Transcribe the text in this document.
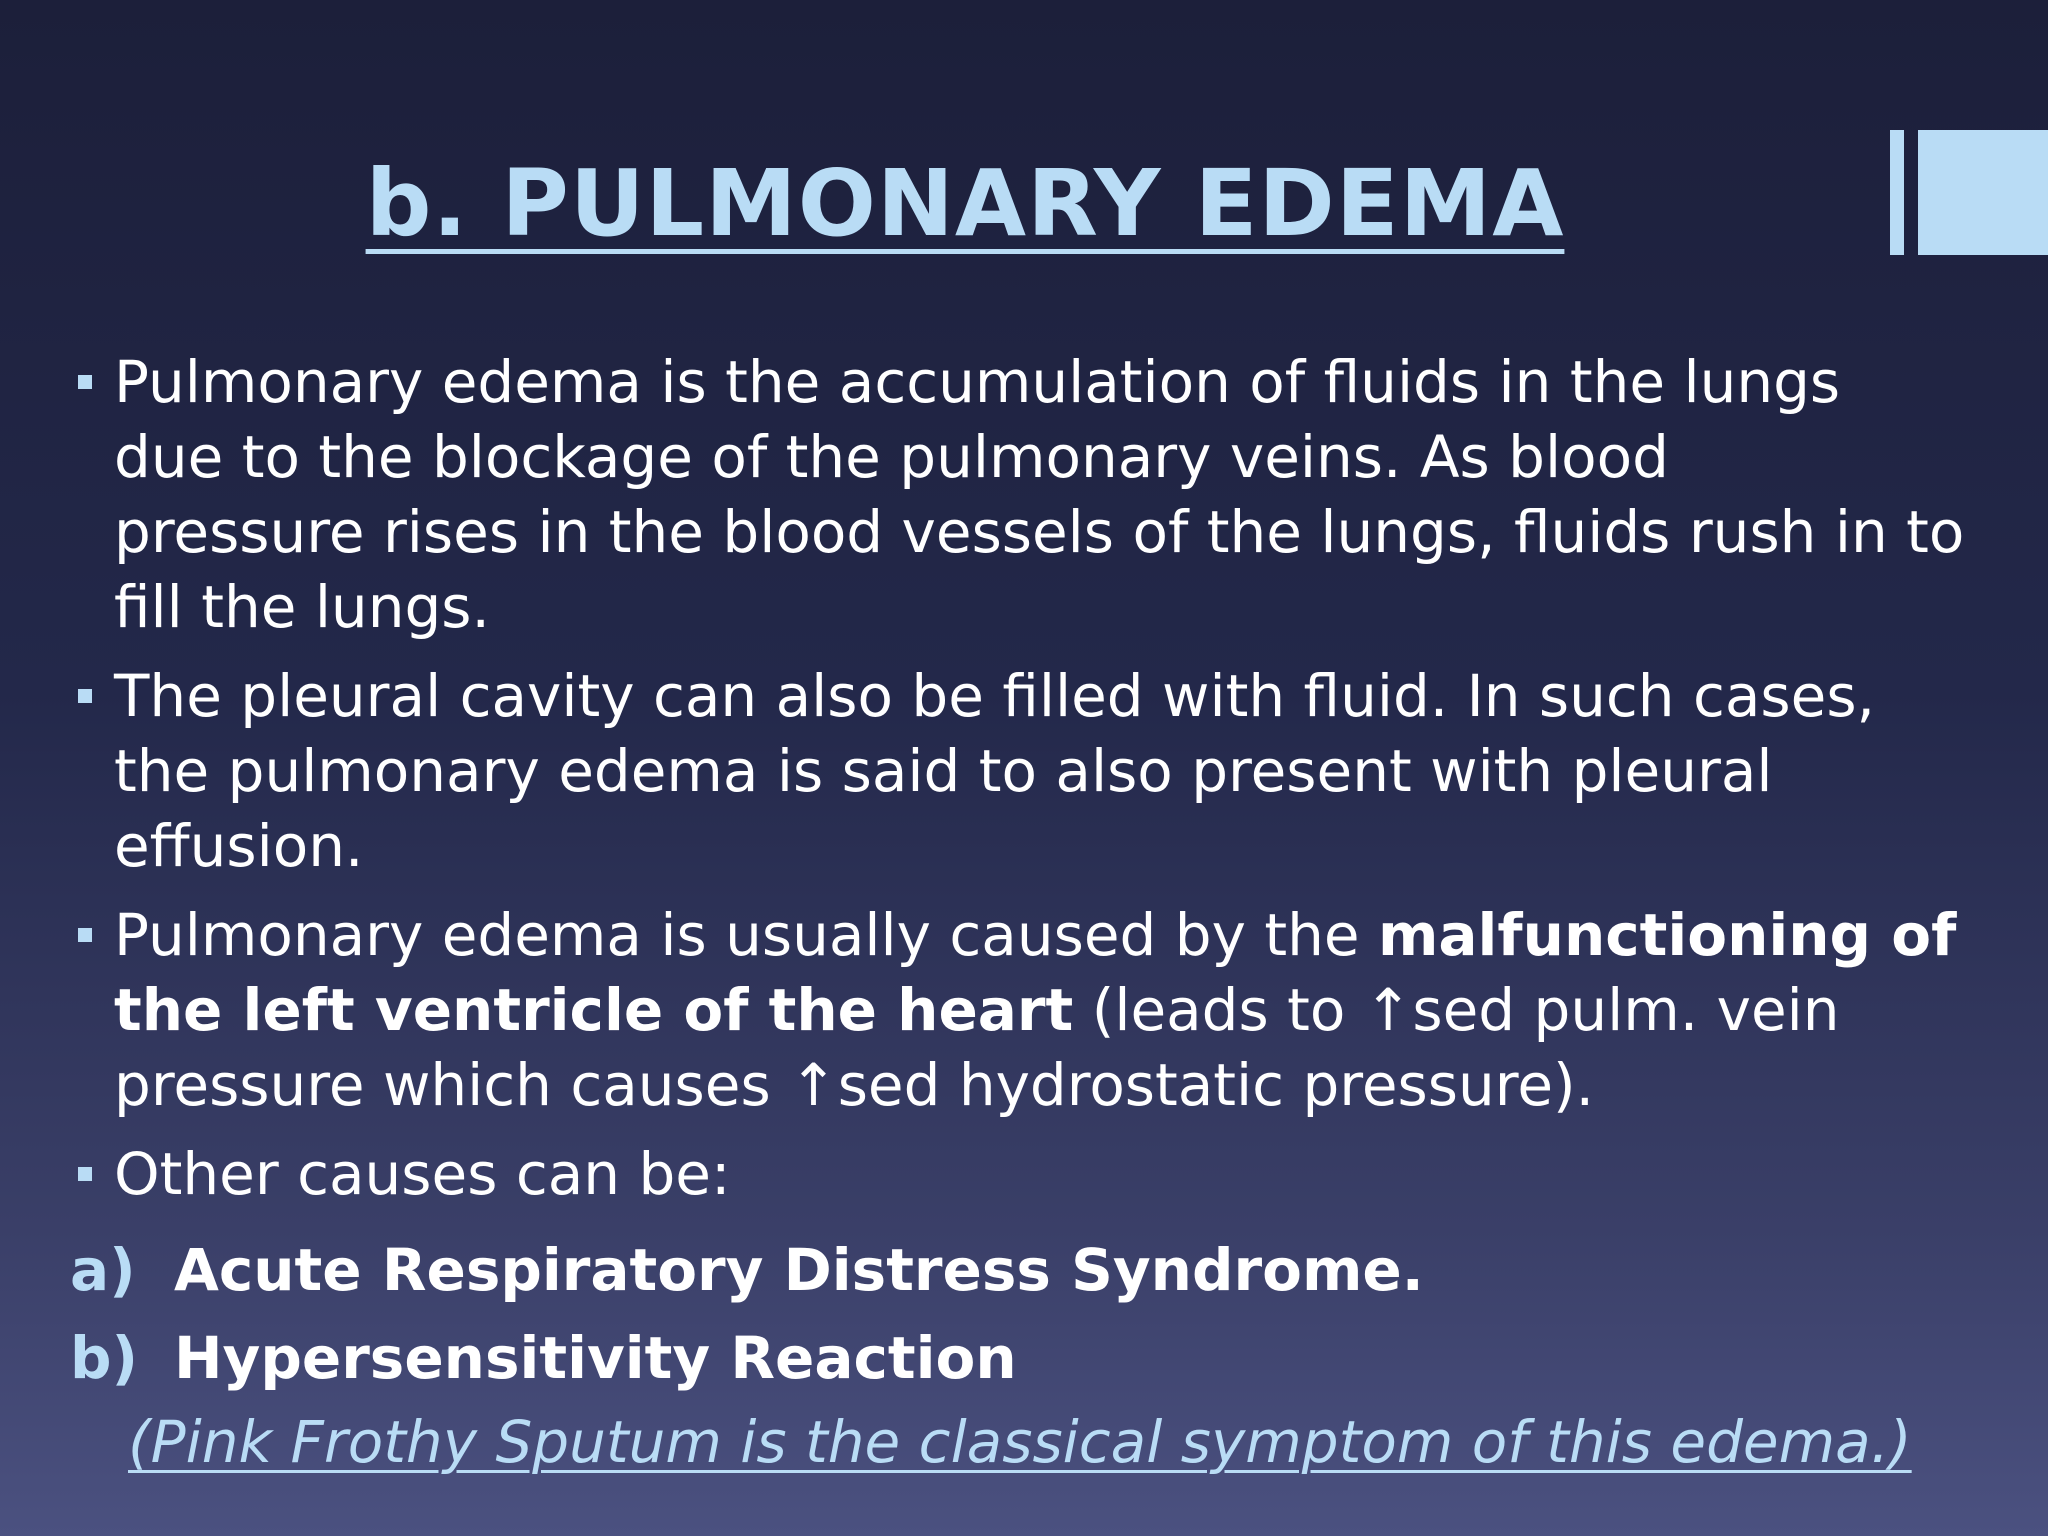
b. PULMONARY EDEMA
Pulmonary edema is the accumulation of fluids in the lungs
due to the blockage of the pulmonary veins. As blood
pressure rises in the blood vessels of the lungs, fluids rush in to
fill the lungs.
The pleural cavity can also be filled with fluid. In such cases,
the pulmonary edema is said to also present with pleural
effusion.
Pulmonary edema is usually caused by the malfunctioning of
the left ventricle of the heart (leads to ↑sed pulm. vein
pressure which causes ↑sed hydrostatic pressure).
Other causes can be:
a) Acute Respiratory Distress Syndrome.
b) Hypersensitivity Reaction
(Pink Frothy Sputum is the classical symptom of this edema.)
